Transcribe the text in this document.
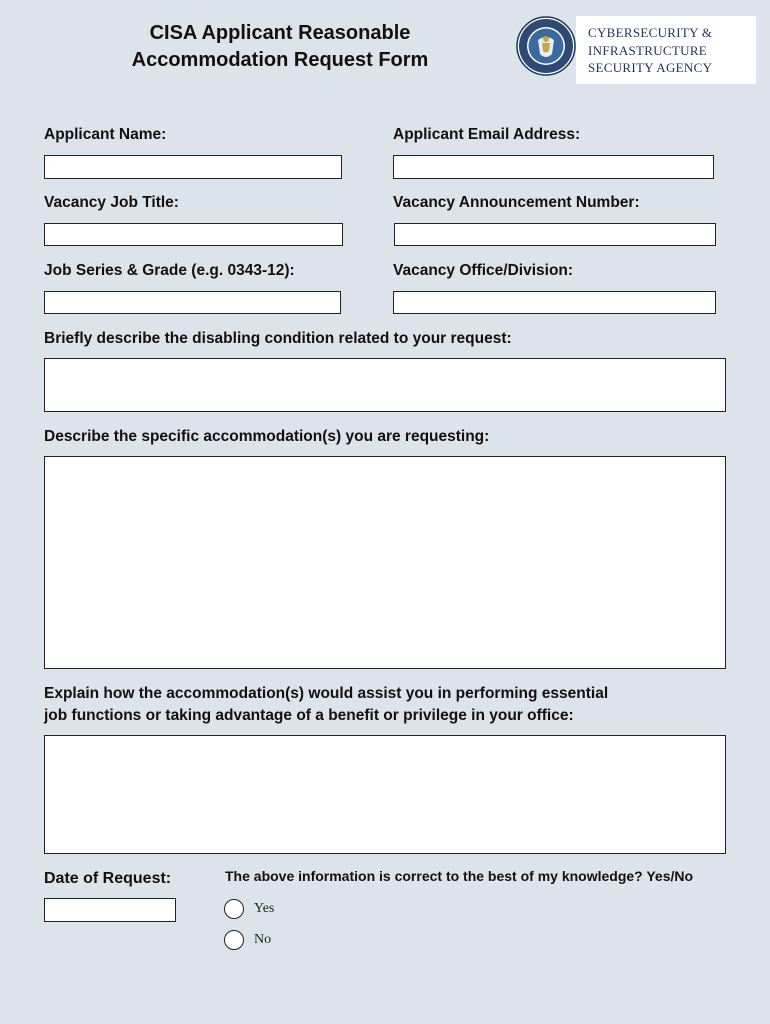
CISA Applicant Reasonable
Accommodation Request Form
CYBERSECURITY &
INFRASTRUCTURE
SECURITY AGENCY
Applicant Name:	Applicant Email Address:
Vacancy Job Title:	Vacancy Announcement Number:
Job Series & Grade (e.g. 0343-12):	Vacancy Office/Division:
Briefly describe the disabling condition related to your request:
Describe the specific accommodation(s) you are requesting:
Explain how the accommodation(s) would assist you in performing essential
job functions or taking advantage of a benefit or privilege in your office:
Date of Request:	The above information is correct to the best of my knowledge? Yes/No
Yes
No
